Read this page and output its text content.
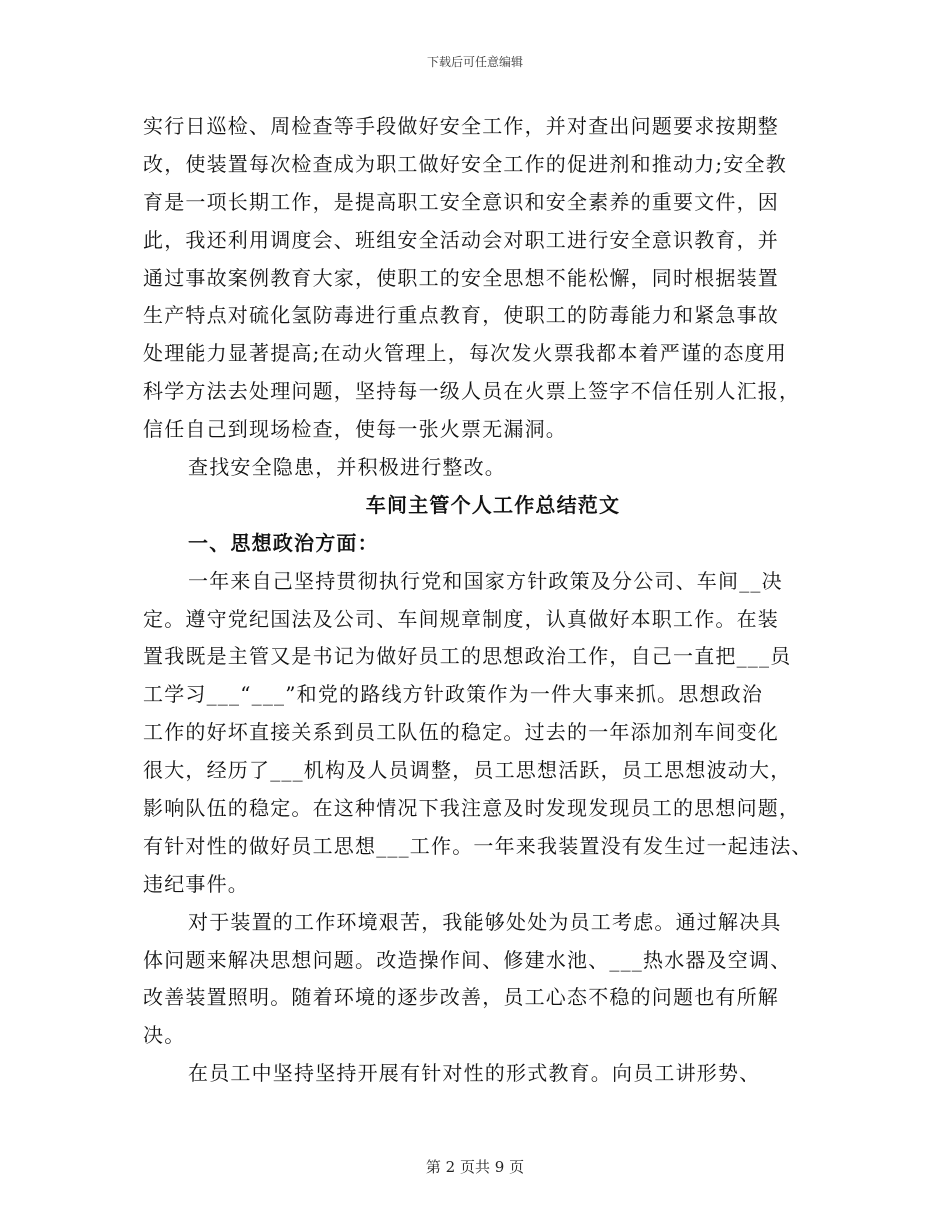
下载后可任意编辑
实行日巡检、周检查等手段做好安全工作，并对查出问题要求按期整
改，使装置每次检查成为职工做好安全工作的促进剂和推动力;安全教
育是一项长期工作，是提高职工安全意识和安全素养的重要文件，因
此，我还利用调度会、班组安全活动会对职工进行安全意识教育，并
通过事故案例教育大家，使职工的安全思想不能松懈，同时根据装置
生产特点对硫化氢防毒进行重点教育，使职工的防毒能力和紧急事故
处理能力显著提高;在动火管理上，每次发火票我都本着严谨的态度用
科学方法去处理问题，坚持每一级人员在火票上签字不信任别人汇报，
信任自己到现场检查，使每一张火票无漏洞。
查找安全隐患，并积极进行整改。
车间主管个人工作总结范文
一、思想政治方面：
一年来自己坚持贯彻执行党和国家方针政策及分公司、车间__决
定。遵守党纪国法及公司、车间规章制度，认真做好本职工作。在装
置我既是主管又是书记为做好员工的思想政治工作，自己一直把___员
工学习___“___”和党的路线方针政策作为一件大事来抓。思想政治
工作的好坏直接关系到员工队伍的稳定。过去的一年添加剂车间变化
很大，经历了___机构及人员调整，员工思想活跃，员工思想波动大，
影响队伍的稳定。在这种情况下我注意及时发现发现员工的思想问题，
有针对性的做好员工思想___工作。一年来我装置没有发生过一起违法、
违纪事件。
对于装置的工作环境艰苦，我能够处处为员工考虑。通过解决具
体问题来解决思想问题。改造操作间、修建水池、___热水器及空调、
改善装置照明。随着环境的逐步改善，员工心态不稳的问题也有所解
决。
在员工中坚持坚持开展有针对性的形式教育。向员工讲形势、
第 2 页共 9 页
